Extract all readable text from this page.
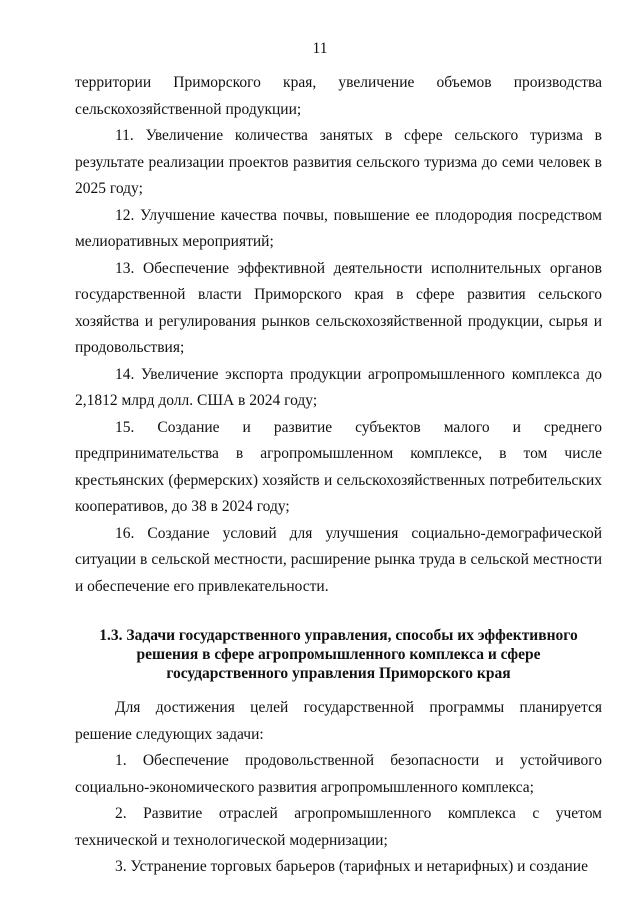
11

территории Приморского края, увеличение объемов производства сельскохозяйственной продукции;

11. Увеличение количества занятых в сфере сельского туризма в результате реализации проектов развития сельского туризма до семи человек в 2025 году;

12. Улучшение качества почвы, повышение ее плодородия посредством мелиоративных мероприятий;

13. Обеспечение эффективной деятельности исполнительных органов государственной власти Приморского края в сфере развития сельского хозяйства и регулирования рынков сельскохозяйственной продукции, сырья и продовольствия;

14. Увеличение экспорта продукции агропромышленного комплекса до 2,1812 млрд долл. США в 2024 году;

15. Создание и развитие субъектов малого и среднего предпринимательства в агропромышленном комплексе, в том числе крестьянских (фермерских) хозяйств и сельскохозяйственных потребительских кооперативов, до 38 в 2024 году;

16. Создание условий для улучшения социально-демографической ситуации в сельской местности, расширение рынка труда в сельской местности и обеспечение его привлекательности.

1.3. Задачи государственного управления, способы их эффективного решения в сфере агропромышленного комплекса и сфере государственного управления Приморского края

Для достижения целей государственной программы планируется решение следующих задачи:

1. Обеспечение продовольственной безопасности и устойчивого социально-экономического развития агропромышленного комплекса;

2. Развитие отраслей агропромышленного комплекса с учетом технической и технологической модернизации;

3. Устранение торговых барьеров (тарифных и нетарифных) и создание
